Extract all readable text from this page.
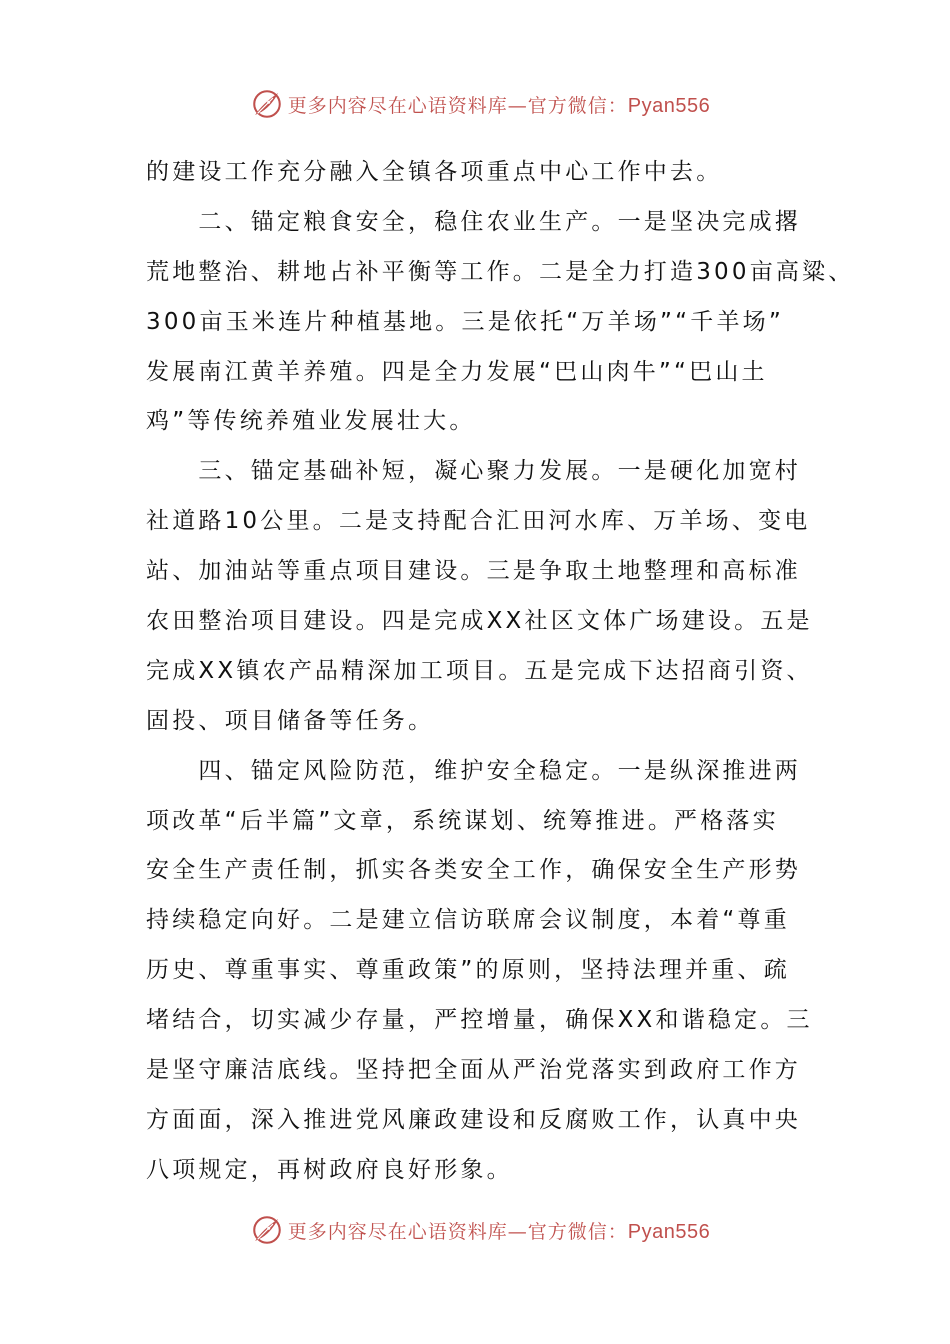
更多内容尽在心语资料库—官方微信：Pyan556
的建设工作充分融入全镇各项重点中心工作中去。
　　二、锚定粮食安全，稳住农业生产。一是坚决完成撂
荒地整治、耕地占补平衡等工作。二是全力打造300亩高粱、
300亩玉米连片种植基地。三是依托“万羊场”“千羊场”
发展南江黄羊养殖。四是全力发展“巴山肉牛”“巴山土
鸡”等传统养殖业发展壮大。
　　三、锚定基础补短，凝心聚力发展。一是硬化加宽村
社道路10公里。二是支持配合汇田河水库、万羊场、变电
站、加油站等重点项目建设。三是争取土地整理和高标准
农田整治项目建设。四是完成XX社区文体广场建设。五是
完成XX镇农产品精深加工项目。五是完成下达招商引资、
固投、项目储备等任务。
　　四、锚定风险防范，维护安全稳定。一是纵深推进两
项改革“后半篇”文章，系统谋划、统筹推进。严格落实
安全生产责任制，抓实各类安全工作，确保安全生产形势
持续稳定向好。二是建立信访联席会议制度，本着“尊重
历史、尊重事实、尊重政策”的原则，坚持法理并重、疏
堵结合，切实减少存量，严控增量，确保XX和谐稳定。三
是坚守廉洁底线。坚持把全面从严治党落实到政府工作方
方面面，深入推进党风廉政建设和反腐败工作，认真中央
八项规定，再树政府良好形象。
更多内容尽在心语资料库—官方微信：Pyan556
